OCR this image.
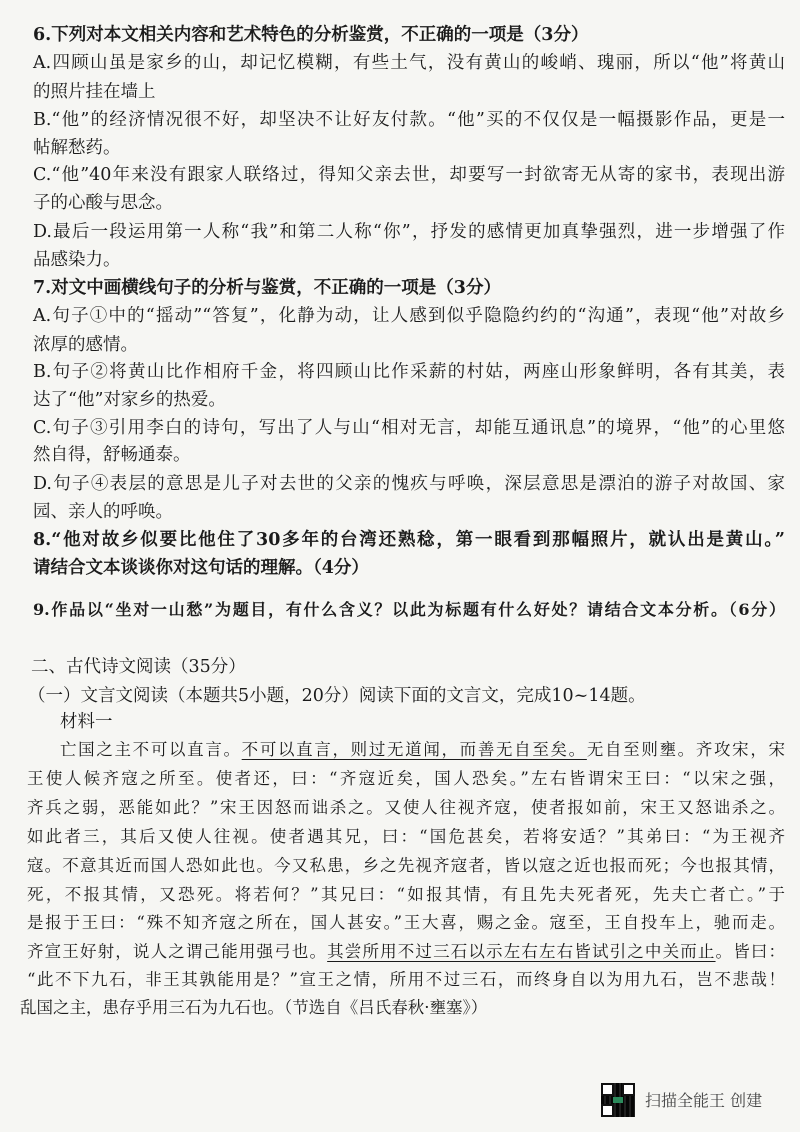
6.下列对本文相关内容和艺术特色的分析鉴赏，不正确的一项是（3分）
A.四顾山虽是家乡的山，却记忆模糊，有些土气，没有黄山的峻峭、瑰丽，所以“他”将黄山
的照片挂在墙上
B.“他”的经济情况很不好，却坚决不让好友付款。“他”买的不仅仅是一幅摄影作品，更是一
帖解愁药。
C.“他”40年来没有跟家人联络过，得知父亲去世，却要写一封欲寄无从寄的家书，表现出游
子的心酸与思念。
D.最后一段运用第一人称“我”和第二人称“你”，抒发的感情更加真挚强烈，进一步增强了作
品感染力。
7.对文中画横线句子的分析与鉴赏，不正确的一项是（3分）
A.句子①中的“摇动”“答复”，化静为动，让人感到似乎隐隐约约的“沟通”，表现“他”对故乡
浓厚的感情。
B.句子②将黄山比作相府千金，将四顾山比作采薪的村姑，两座山形象鲜明，各有其美，表
达了“他”对家乡的热爱。
C.句子③引用李白的诗句，写出了人与山“相对无言，却能互通讯息”的境界，“他”的心里悠
然自得，舒畅通泰。
D.句子④表层的意思是儿子对去世的父亲的愧疚与呼唤，深层意思是漂泊的游子对故国、家
园、亲人的呼唤。
8.“他对故乡似要比他住了30多年的台湾还熟稔，第一眼看到那幅照片，就认出是黄山。”
请结合文本谈谈你对这句话的理解。（4分）
9.作品以“坐对一山愁”为题目，有什么含义？以此为标题有什么好处？请结合文本分析。（6分）
二、古代诗文阅读（35分）
（一）文言文阅读（本题共5小题，20分）阅读下面的文言文，完成10~14题。
材料一
亡国之主不可以直言。不可以直言，则过无道闻，而善无自至矣。无自至则壅。齐攻宋，宋
王使人候齐寇之所至。使者还，曰：“齐寇近矣，国人恐矣。”左右皆谓宋王曰：“以宋之强，
齐兵之弱，恶能如此？”宋王因怒而诎杀之。又使人往视齐寇，使者报如前，宋王又怒诎杀之。
如此者三，其后又使人往视。使者遇其兄，曰：“国危甚矣，若将安适？”其弟曰：“为王视齐
寇。不意其近而国人恐如此也。今又私患，乡之先视齐寇者，皆以寇之近也报而死；今也报其情，
死，不报其情，又恐死。将若何？”其兄曰：“如报其情，有且先夫死者死，先夫亡者亡。”于
是报于王曰：“殊不知齐寇之所在，国人甚安。”王大喜，赐之金。寇至，王自投车上，驰而走。
齐宣王好射，说人之谓己能用强弓也。其尝所用不过三石以示左右左右皆试引之中关而止。皆曰：
“此不下九石，非王其孰能用是？”宣王之情，所用不过三石，而终身自以为用九石，岂不悲哉！
乱国之主，患存乎用三石为九石也。（节选自《吕氏春秋·壅塞》）
扫描全能王 创建
